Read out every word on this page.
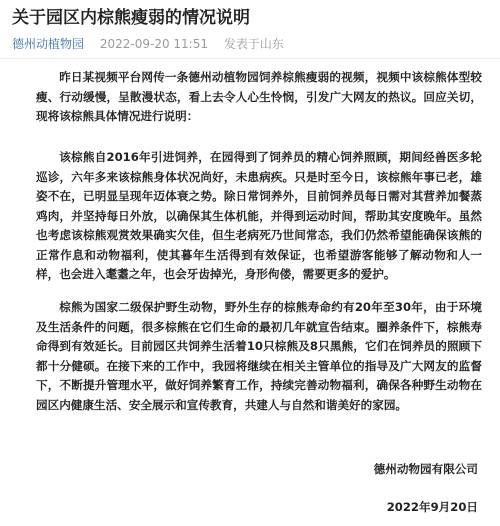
关于园区内棕熊瘦弱的情况说明
德州动植物园 2022-09-20 11:51 发表于山东

昨日某视频平台网传一条德州动植物园饲养棕熊瘦弱的视频，视频中该棕熊体型较瘦、行动缓慢，呈散漫状态，看上去令人心生怜悯，引发广大网友的热议。回应关切，现将该棕熊具体情况进行说明：

该棕熊自2016年引进饲养，在园得到了饲养员的精心饲养照顾，期间经兽医多轮巡诊，六年多来该棕熊身体状况尚好，未患病疾。只是时至今日，该棕熊年事已老，雄姿不在，已明显呈现年迈体衰之势。除日常饲养外，目前饲养员每日需对其营养加餐蒸鸡肉，并坚持每日外放，以确保其生体机能，并得到运动时间，帮助其安度晚年。虽然也考虑该棕熊观赏效果确实欠佳，但生老病死乃世间常态，我们仍然希望能确保该熊的正常作息和动物福利，使其暮年生活得到有效保证，也希望游客能够了解动物和人一样，也会进入耄耋之年，也会牙齿掉光，身形佝偻，需要更多的爱护。

棕熊为国家二级保护野生动物，野外生存的棕熊寿命约有20年至30年，由于环境及生活条件的问题，很多棕熊在它们生命的最初几年就宣告结束。圈养条件下，棕熊寿命得到有效延长。目前园区共饲养生活着10只棕熊及8只黑熊，它们在饲养员的照顾下都十分健硕。在接下来的工作中，我园将继续在相关主管单位的指导及广大网友的监督下，不断提升管理水平，做好饲养繁育工作，持续完善动物福利，确保各种野生动物在园区内健康生活、安全展示和宣传教育，共建人与自然和谐美好的家园。

德州动物园有限公司
2022年9月20日
